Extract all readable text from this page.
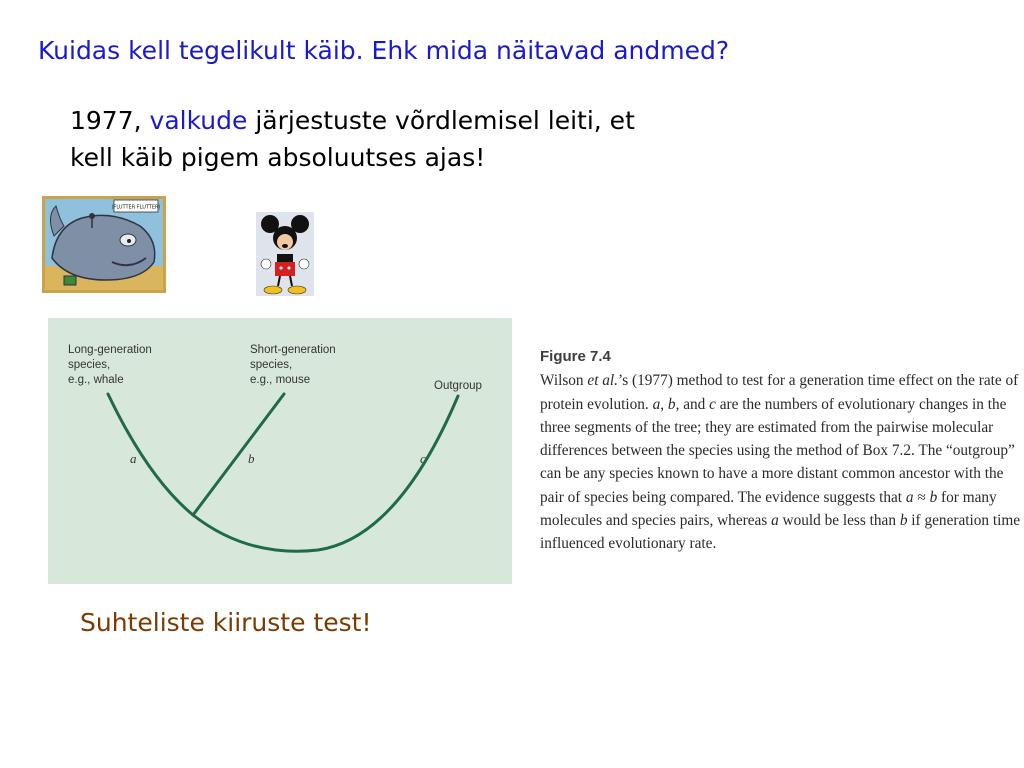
Kuidas kell tegelikult käib. Ehk mida näitavad andmed?
1977, valkude järjestuste võrdlemisel leiti, et
kell käib pigem absoluutses ajas!
(FLUTTER FLUTTER)
Long-generation
species,
e.g., whale
Short-generation
species,
e.g., mouse	Outgroup
a	b	c
Figure 7.4
Wilson et al.’s (1977) method to test for a generation time effect on the rate of protein evolution. a, b, and c are the numbers of evolutionary changes in the three segments of the tree; they are estimated from the pairwise molecular differences between the species using the method of Box 7.2. The “outgroup” can be any species known to have a more distant common ancestor with the pair of species being compared. The evidence suggests that a ≈ b for many molecules and species pairs, whereas a would be less than b if generation time influenced evolutionary rate.
Suhteliste kiiruste test!
